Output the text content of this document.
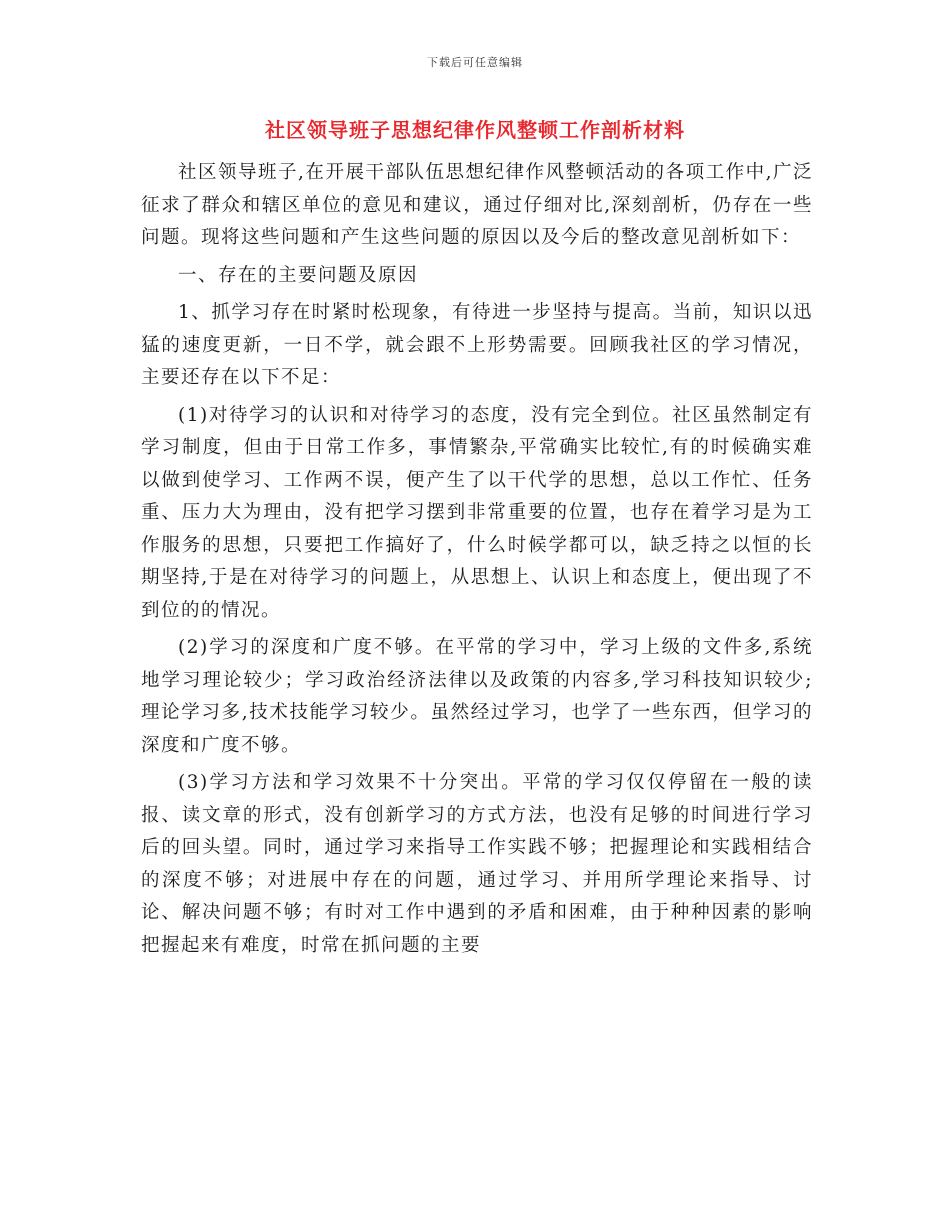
下载后可任意编辑
社区领导班子思想纪律作风整顿工作剖析材料

社区领导班子,在开展干部队伍思想纪律作风整顿活动的各项工作中,广泛征求了群众和辖区单位的意见和建议，通过仔细对比,深刻剖析，仍存在一些问题。现将这些问题和产生这些问题的原因以及今后的整改意见剖析如下：

一、存在的主要问题及原因

1、抓学习存在时紧时松现象，有待进一步坚持与提高。当前，知识以迅猛的速度更新，一日不学，就会跟不上形势需要。回顾我社区的学习情况，主要还存在以下不足：

(1)对待学习的认识和对待学习的态度，没有完全到位。社区虽然制定有学习制度，但由于日常工作多，事情繁杂,平常确实比较忙,有的时候确实难以做到使学习、工作两不误，便产生了以干代学的思想，总以工作忙、任务重、压力大为理由，没有把学习摆到非常重要的位置，也存在着学习是为工作服务的思想，只要把工作搞好了，什么时候学都可以，缺乏持之以恒的长期坚持,于是在对待学习的问题上，从思想上、认识上和态度上，便出现了不到位的的情况。

(2)学习的深度和广度不够。在平常的学习中，学习上级的文件多,系统地学习理论较少；学习政治经济法律以及政策的内容多,学习科技知识较少;理论学习多,技术技能学习较少。虽然经过学习，也学了一些东西，但学习的深度和广度不够。

(3)学习方法和学习效果不十分突出。平常的学习仅仅停留在一般的读报、读文章的形式，没有创新学习的方式方法，也没有足够的时间进行学习后的回头望。同时，通过学习来指导工作实践不够；把握理论和实践相结合的深度不够；对进展中存在的问题，通过学习、并用所学理论来指导、讨论、解决问题不够；有时对工作中遇到的矛盾和困难，由于种种因素的影响把握起来有难度，时常在抓问题的主要
